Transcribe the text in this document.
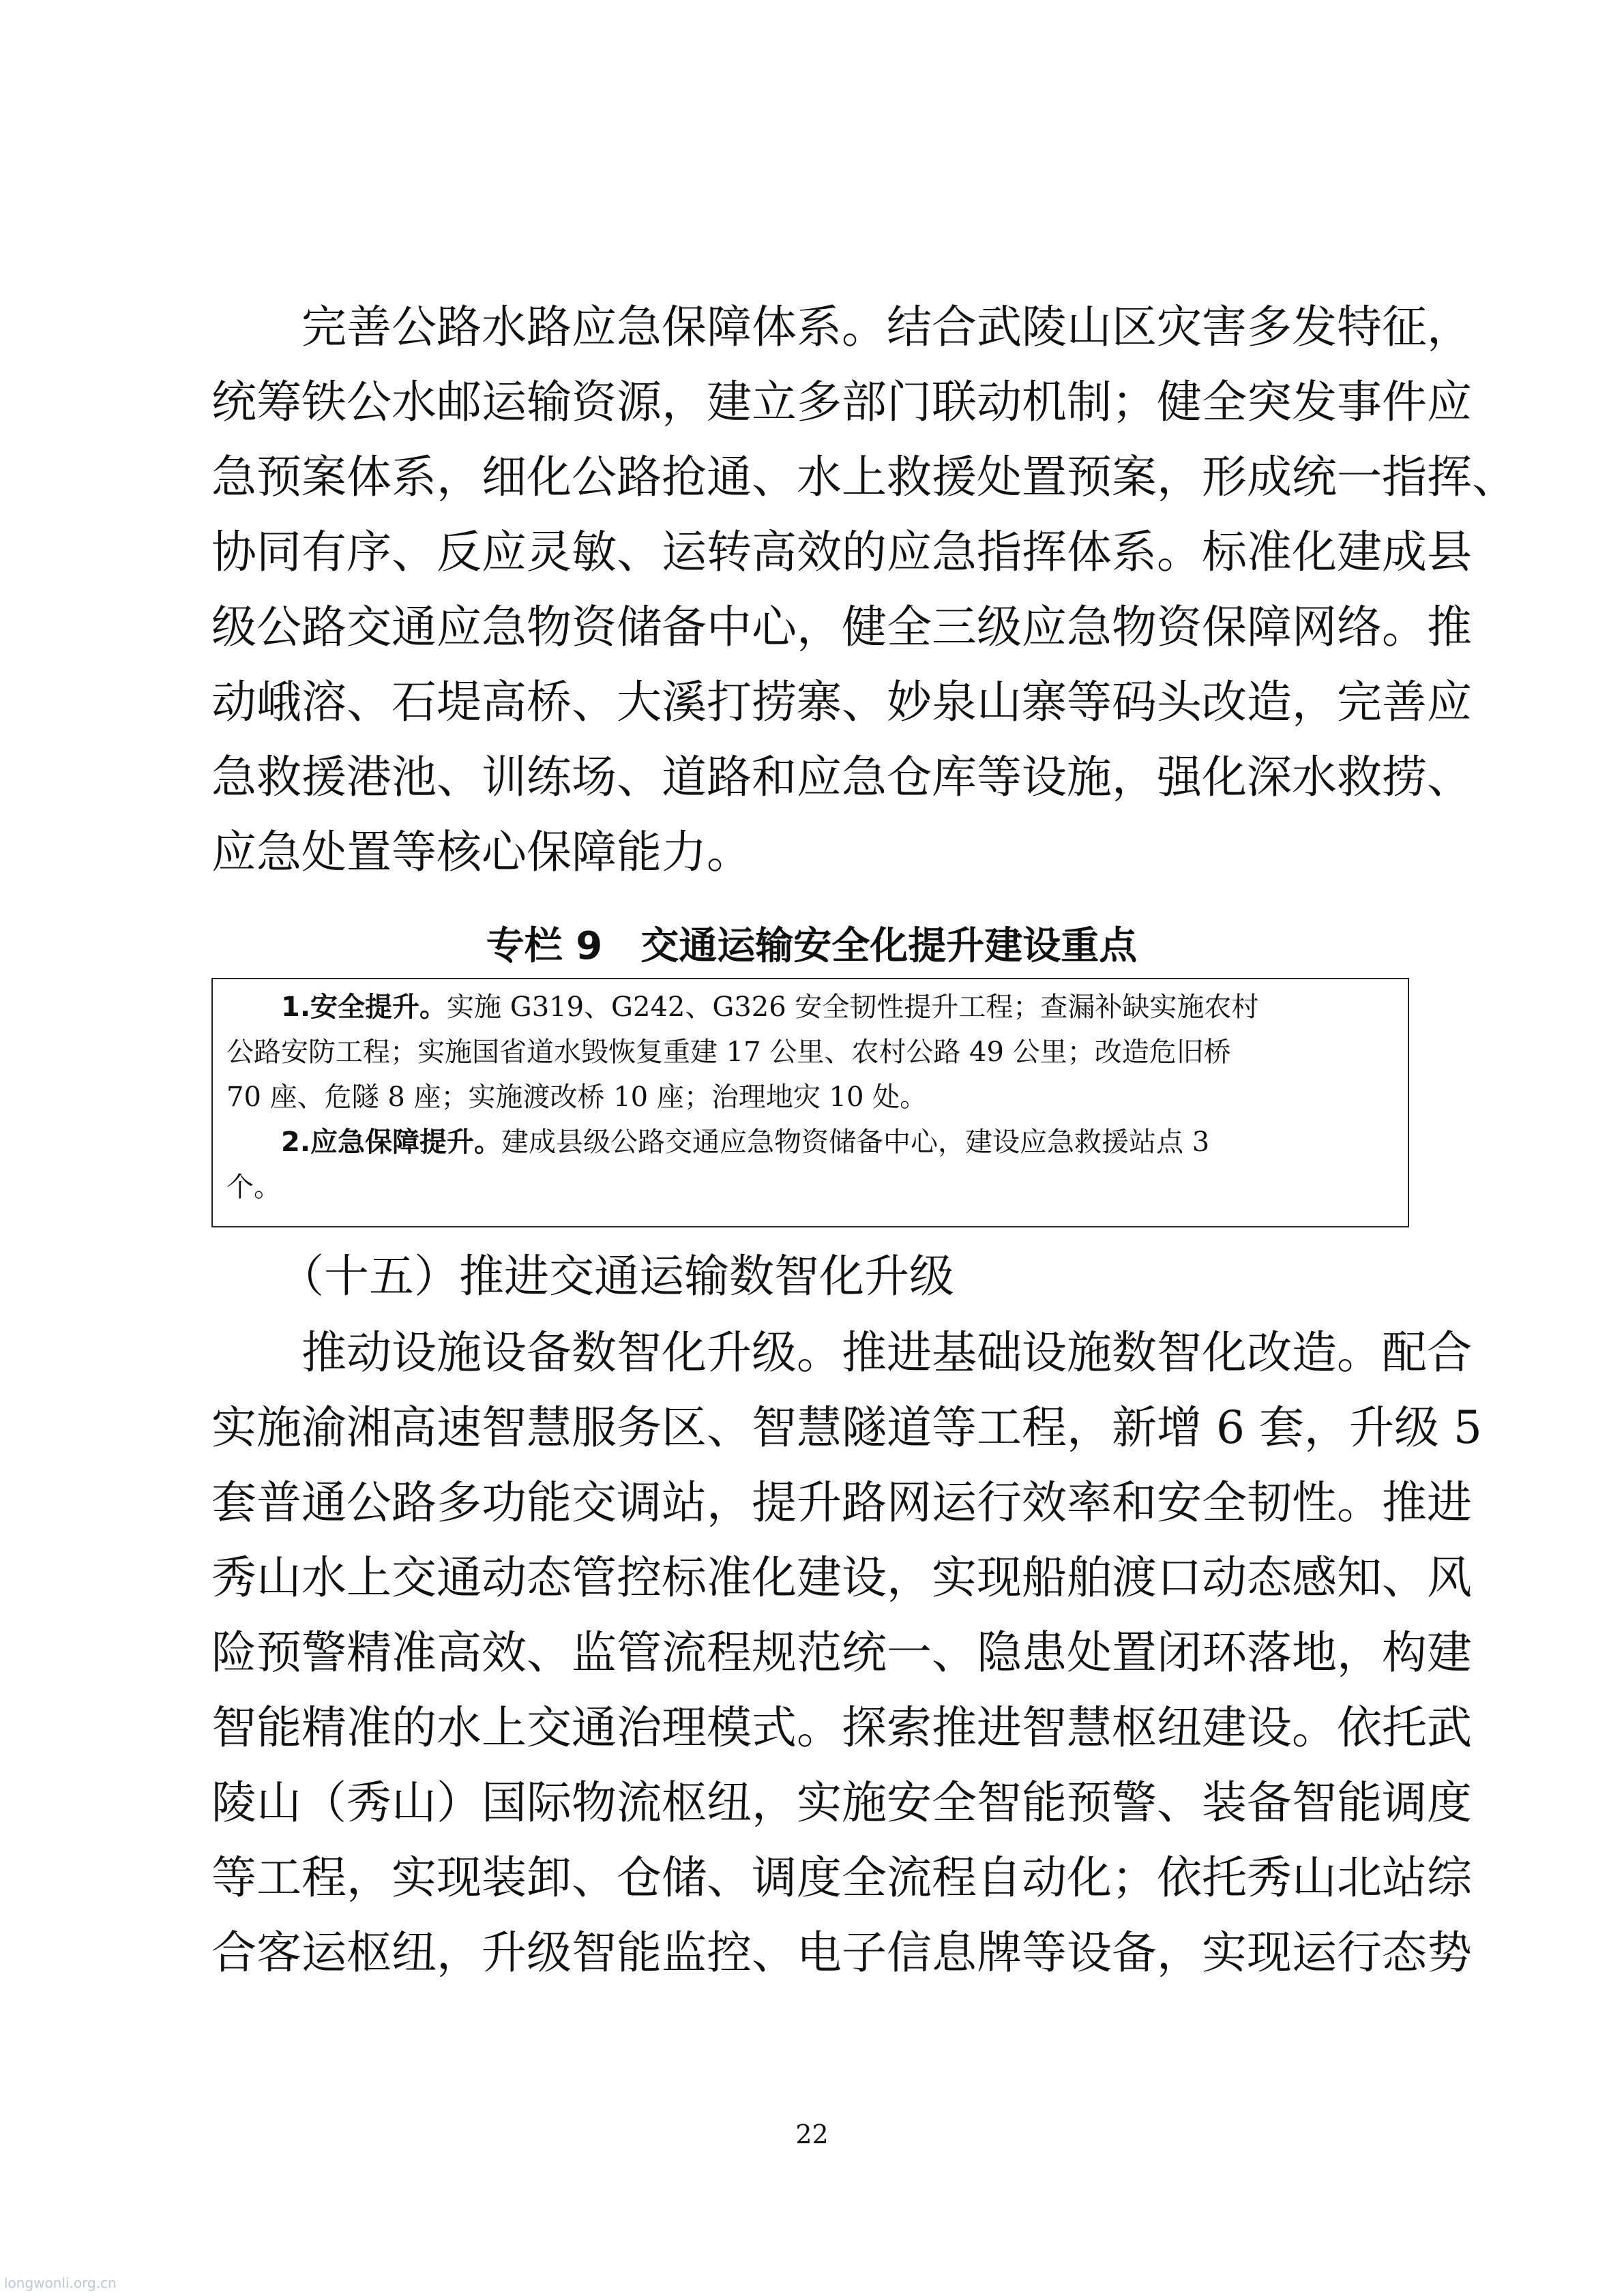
　　完善公路水路应急保障体系。结合武陵山区灾害多发特征，
统筹铁公水邮运输资源，建立多部门联动机制；健全突发事件应
急预案体系，细化公路抢通、水上救援处置预案，形成统一指挥、
协同有序、反应灵敏、运转高效的应急指挥体系。标准化建成县
级公路交通应急物资储备中心，健全三级应急物资保障网络。推
动峨溶、石堤高桥、大溪打捞寨、妙泉山寨等码头改造，完善应
急救援港池、训练场、道路和应急仓库等设施，强化深水救捞、
应急处置等核心保障能力。
专栏 9　交通运输安全化提升建设重点
1.安全提升。实施 G319、G242、G326 安全韧性提升工程；查漏补缺实施农村
公路安防工程；实施国省道水毁恢复重建 17 公里、农村公路 49 公里；改造危旧桥
70 座、危隧 8 座；实施渡改桥 10 座；治理地灾 10 处。
2.应急保障提升。建成县级公路交通应急物资储备中心，建设应急救援站点 3
个。
　　（十五）推进交通运输数智化升级
　　推动设施设备数智化升级。推进基础设施数智化改造。配合
实施渝湘高速智慧服务区、智慧隧道等工程，新增 6 套，升级 5
套普通公路多功能交调站，提升路网运行效率和安全韧性。推进
秀山水上交通动态管控标准化建设，实现船舶渡口动态感知、风
险预警精准高效、监管流程规范统一、隐患处置闭环落地，构建
智能精准的水上交通治理模式。探索推进智慧枢纽建设。依托武
陵山（秀山）国际物流枢纽，实施安全智能预警、装备智能调度
等工程，实现装卸、仓储、调度全流程自动化；依托秀山北站综
合客运枢纽，升级智能监控、电子信息牌等设备，实现运行态势
22
longwonli.org.cn
